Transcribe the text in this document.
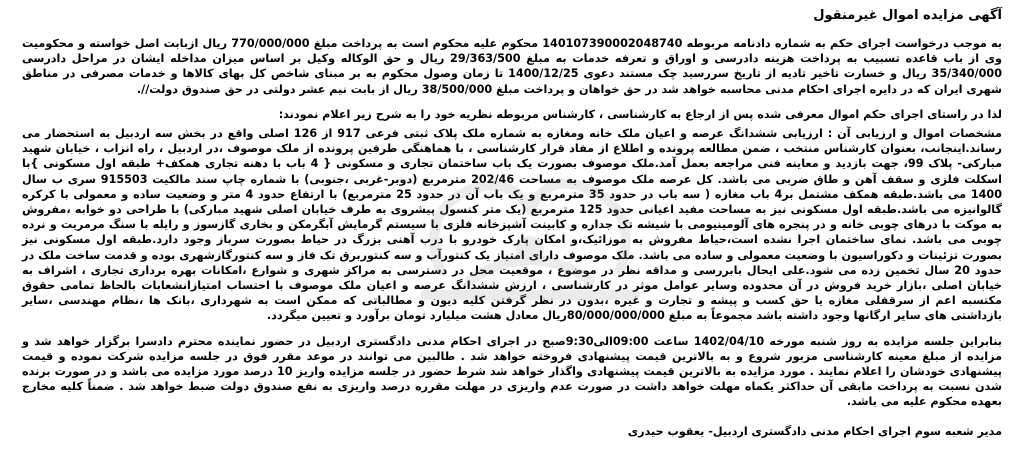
آگهی مزایده اموال غیرمنقول
به موجب درخواست اجرای حکم به شماره دادنامه مربوطه 140107390002048740 محکوم علیه محکوم است به پرداخت مبلغ 770/000/000 ریال ازبابت اصل خواسته و محکومیت وی از باب قاعده تسبیب به پرداخت هزینه دادرسی و اوراق و تعرفه خدمات به مبلغ 29/363/500 ریال و حق الوکاله وکیل بر اساس میزان مداخله ایشان در مراحل دادرسی 35/340/000 ریال و خسارت تاخیر تادیه از تاریخ سررسید چک مستند دعوی 1400/12/25 تا زمان وصول محکوم به بر مبنای شاخص کل بهای کالاها و خدمات مصرفی در مناطق شهری ایران که در دایره اجرای احکام مدنی محاسبه خواهد شد در حق خواهان و پرداخت مبلغ 38/500/000 ریال از بابت نیم عشر دولتی در حق صندوق دولت//.
لذا در راستای اجرای حکم اموال معرفی شده پس از ارجاع به کارشناسی ، کارشناس مربوطه نظریه خود را به شرح زیر اعلام نمودند:
مشخصات اموال و ارزیابی آن : ارزیابی ششدانگ عرصه و اعیان ملک خانه ومغازه به شماره ملک پلاک ثبتی فرعی 917 از 126 اصلی واقع در بخش سه اردبیل به استحضار می رساند.اینجانب، بعنوان کارشناس منتخب ، ضمن مطالعه پرونده و اطلاع از مفاد قرار کارشناسی ، با هماهنگی طرفین پرونده از ملک موصوف ،در اردبیل ، راه انزاب ، خیابان شهید مبارکی- پلاک 99، جهت بازدید و معاینه فنی مراجعه بعمل آمد.ملک موصوف بصورت یک باب ساختمان تجاری و مسکونی { 4 باب با دهنه تجاری همکف+ طبقه اول مسکونی }با اسکلت فلزی و سقف آهن و طاق ضربی می باشد. کل عرصه ملک موصوف به مساحت 202/46 مترمربع (دوبر-غربی ،جنوبی) با شماره چاپ سند مالکیت 915503 سری ب سال 1400 می باشد.طبقه همکف مشتمل بر4 باب مغازه ( سه باب در حدود 35 مترمربع و یک باب آن در حدود 25 مترمربع) با ارتفاع حدود 4 متر و وضعیت ساده و معمولی با کرکره گالوانیزه می باشد.طبقه اول مسکونی نیز به مساحت مفید اعیانی حدود 125 مترمربع (یک متر کنسول پیشروی به طرف خیابان اصلی شهید مبارکی) با طراحی دو خوابه ،مفروش به موکت با درهای چوبی خانه و در پنجره های آلومینیومی با شیشه تک جداره و کابینت آشپزخانه فلزی با سیستم گرمایش آبگرمکن و بخاری گازسوز و رایله با سنگ مرمریت و نرده چوبی می باشد. نمای ساختمان اجرا نشده است،حیاط مفروش به موزائیک،و امکان پارک خودرو با درب آهنی بزرگ در حیاط بصورت سرباز وجود دارد.طبقه اول مسکونی نیز بصورت تزئینات و دکوراسیون با وضعیت معمولی و ساده می باشد. ملک موصوف دارای امتیاز یک کنتورآب و سه کنتوربرق تک فاز و سه کنتورگازشهری بوده و قدمت ساخت ملک در حدود 20 سال تخمین زده می شود.علی ایحال بابررسی و مداقه نظر در موضوع ، موقعیت محل در دسترسی به مراکز شهری و شوارع ،امکانات بهره برداری تجاری ، اشراف به خیابان اصلی ،بازار خرید فروش در آن محدوده وسایر عوامل موثر در کارشناسی ، ارزش ششدانگ عرصه و اعیان ملک موصوف با احتساب امتیازانشعابات بالحاظ تمامی حقوق مکتسبه اعم از سرقفلی مغازه یا حق کسب و پیشه و تجارت و غیره ،بدون در نظر گرفتن کلیه دیون و مطالباتی که ممکن است به شهرداری ،بانک ها ،نظام مهندسی ،سایر بازداشتی های سایر ارگانها وجود داشته باشد مجموعاً به مبلغ 80/000/000/000ریال معادل هشت میلیارد تومان برآورد و تعیین میگردد.
بنابراین جلسه مزایده به روز شنبه مورخه 1402/04/10 ساعت 09:00الی9:30صبح در اجرای احکام مدنی دادگستری اردبیل در حضور نماینده محترم دادسرا برگزار خواهد شد و مزایده از مبلغ معینه کارشناسی مزبور شروع و به بالاترین قیمت پیشنهادی فروخته خواهد شد . طالبین می توانند در موعد مقرر فوق در جلسه مزایده شرکت نموده و قیمت پیشنهادی خودشان را اعلام نمایند . مورد مزایده به بالاترین قیمت پیشنهادی واگذار خواهد شد شرط حضور در جلسه مزایده واریز 10 درصد مورد مزایده می باشد و در صورت برنده شدن نسبت به پرداخت مابقی آن حداکثر یکماه مهلت خواهد داشت در صورت عدم واریزی در مهلت مقرره درصد واریزی به نفع صندوق دولت ضبط خواهد شد . ضمناً کلیه مخارج بعهده محکوم علیه می باشد.
مدیر شعبه سوم اجرای احکام مدنی دادگستری اردبیل- یعقوب حیدری
